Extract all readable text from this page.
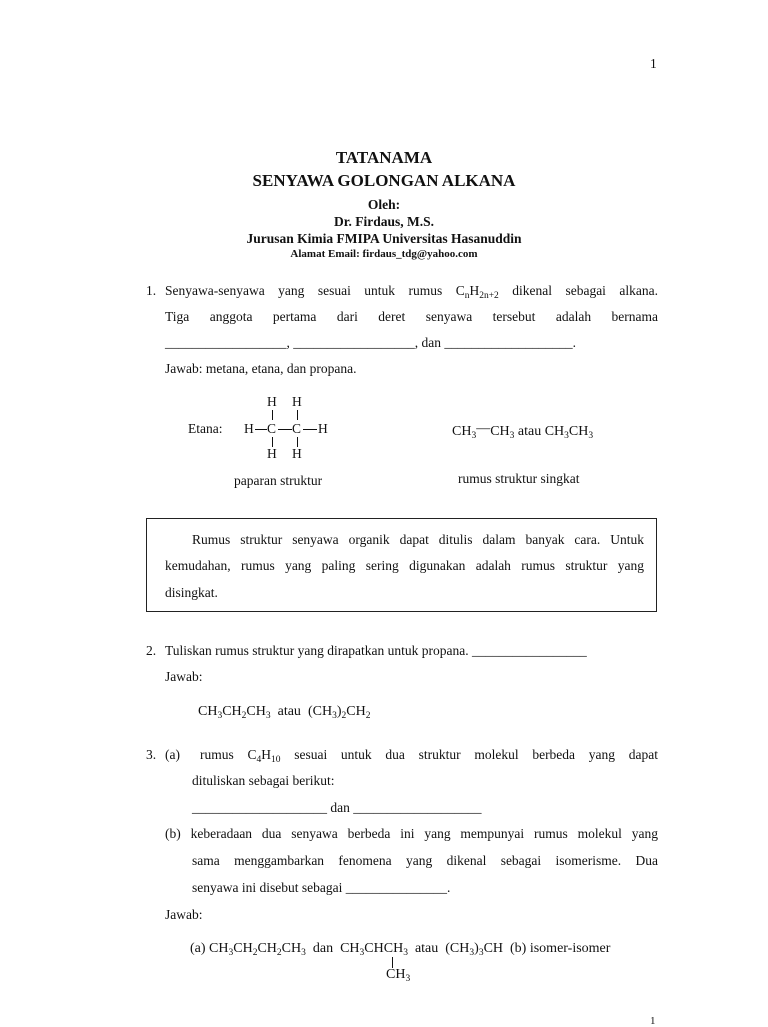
1
1
TATANAMA
SENYAWA GOLONGAN ALKANA
Oleh:
Dr. Firdaus, M.S.
Jurusan Kimia FMIPA Universitas Hasanuddin
Alamat Email: firdaus_tdg@yahoo.com
1. Senyawa-senyawa yang sesuai untuk rumus $C_nH_{2n+2}$ dikenal sebagai alkana.
Tiga anggota pertama dari deret senyawa tersebut adalah bernama
__________________, __________________, dan ___________________.
Jawab: metana, etana, dan propana.
Etana:
H H
H C C H
H H
paparan struktur
$CH_3—CH_3$ atau $CH_3CH_3$
rumus struktur singkat
Rumus struktur senyawa organik dapat ditulis dalam banyak cara. Untuk
kemudahan, rumus yang paling sering digunakan adalah rumus struktur yang
disingkat.
2. Tuliskan rumus struktur yang dirapatkan untuk propana. _________________
Jawab:
$CH_3CH_2CH_3$ atau $(CH_3)_2CH_2$
3. (a) rumus $C_4H_{10}$ sesuai untuk dua struktur molekul berbeda yang dapat
dituliskan sebagai berikut:
____________________ dan ___________________
(b) keberadaan dua senyawa berbeda ini yang mempunyai rumus molekul yang
sama menggambarkan fenomena yang dikenal sebagai isomerisme. Dua
senyawa ini disebut sebagai _______________.
Jawab:
(a) $CH_3CH_2CH_2CH_3$ dan $CH_3CHCH_3$ atau $(CH_3)_3CH$ (b) isomer-isomer
$CH_3$
